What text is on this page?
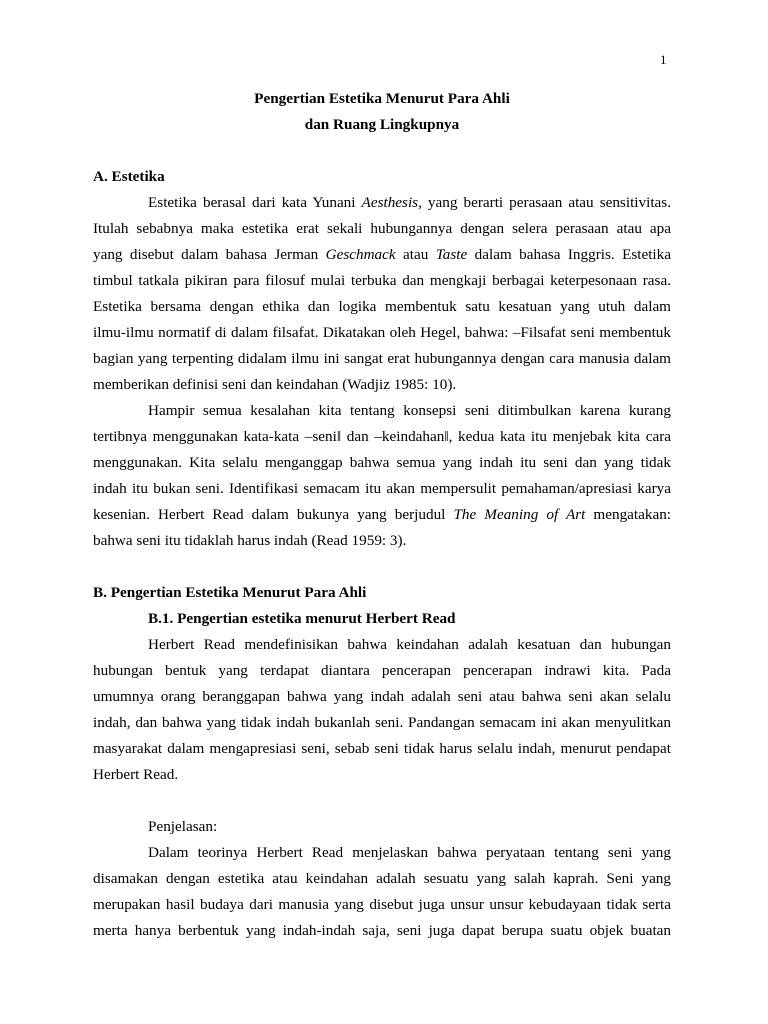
1

Pengertian Estetika Menurut Para Ahli

dan Ruang Lingkupnya

A. Estetika

Estetika berasal dari kata Yunani Aesthesis, yang berarti perasaan atau sensitivitas.
Itulah sebabnya maka estetika erat sekali hubungannya dengan selera perasaan atau apa
yang disebut dalam bahasa Jerman Geschmack atau Taste dalam bahasa Inggris. Estetika
timbul tatkala pikiran para filosuf mulai terbuka dan mengkaji berbagai keterpesonaan rasa.
Estetika bersama dengan ethika dan logika membentuk satu kesatuan yang utuh dalam
ilmu-ilmu normatif di dalam filsafat. Dikatakan oleh Hegel, bahwa: –Filsafat seni membentuk
bagian yang terpenting didalam ilmu ini sangat erat hubungannya dengan cara manusia dalam
memberikan definisi seni dan keindahan (Wadjiz 1985: 10).
Hampir semua kesalahan kita tentang konsepsi seni ditimbulkan karena kurang
tertibnya menggunakan kata-kata –seni‖ dan –keindahan‖, kedua kata itu menjebak kita cara
menggunakan. Kita selalu menganggap bahwa semua yang indah itu seni dan yang tidak
indah itu bukan seni. Identifikasi semacam itu akan mempersulit pemahaman/apresiasi karya
kesenian. Herbert Read dalam bukunya yang berjudul The Meaning of Art mengatakan:
bahwa seni itu tidaklah harus indah (Read 1959: 3).

B. Pengertian Estetika Menurut Para Ahli

B.1. Pengertian estetika menurut Herbert Read

Herbert Read mendefinisikan bahwa keindahan adalah kesatuan dan hubungan
hubungan bentuk yang terdapat diantara pencerapan pencerapan indrawi kita. Pada
umumnya orang beranggapan bahwa yang indah adalah seni atau bahwa seni akan selalu
indah, dan bahwa yang tidak indah bukanlah seni. Pandangan semacam ini akan menyulitkan
masyarakat dalam mengapresiasi seni, sebab seni tidak harus selalu indah, menurut pendapat
Herbert Read.

Penjelasan:

Dalam teorinya Herbert Read menjelaskan bahwa peryataan tentang seni yang
disamakan dengan estetika atau keindahan adalah sesuatu yang salah kaprah. Seni yang
merupakan hasil budaya dari manusia yang disebut juga unsur unsur kebudayaan tidak serta
merta hanya berbentuk yang indah-indah saja, seni juga dapat berupa suatu objek buatan
